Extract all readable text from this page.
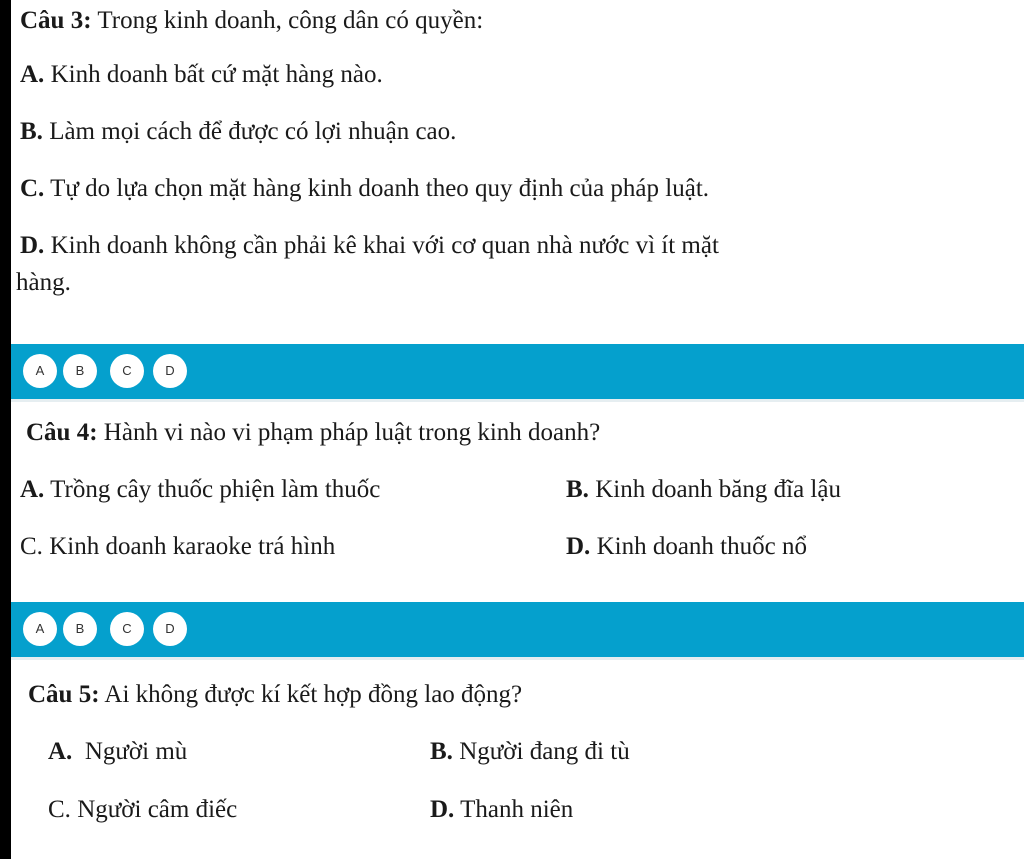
Câu 3: Trong kinh doanh, công dân có quyền:
A. Kinh doanh bất cứ mặt hàng nào.
B. Làm mọi cách để được có lợi nhuận cao.
C. Tự do lựa chọn mặt hàng kinh doanh theo quy định của pháp luật.
D. Kinh doanh không cần phải kê khai với cơ quan nhà nước vì ít mặt
hàng.
A	B	C	D
Câu 4: Hành vi nào vi phạm pháp luật trong kinh doanh?
A. Trồng cây thuốc phiện làm thuốc	B. Kinh doanh băng đĩa lậu
C. Kinh doanh karaoke trá hình	D. Kinh doanh thuốc nổ
A	B	C	D
Câu 5: Ai không được kí kết hợp đồng lao động?
A.  Người mù	B. Người đang đi tù
C. Người câm điếc	D. Thanh niên
